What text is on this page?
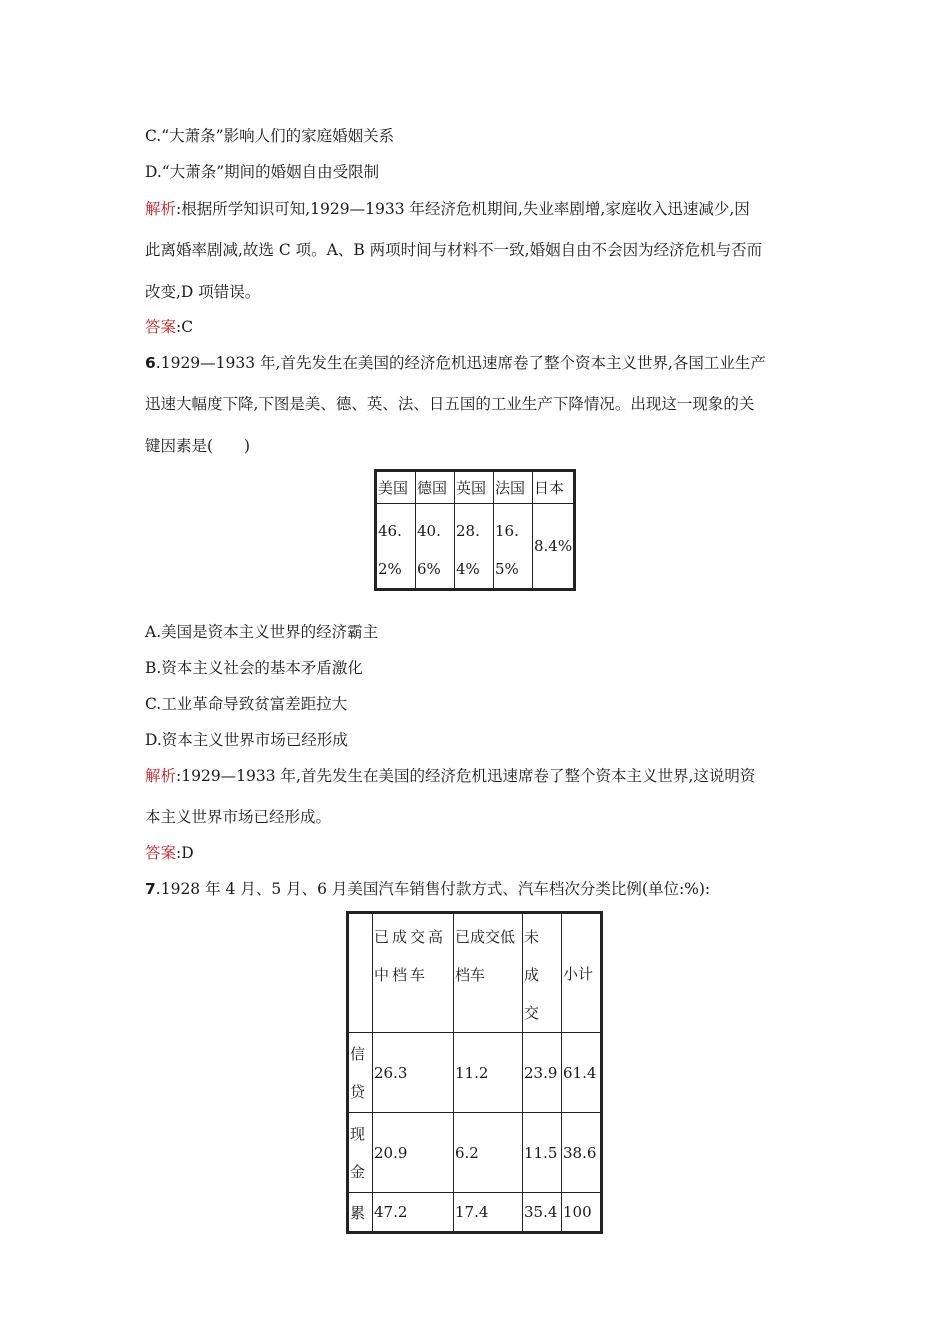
C.“大萧条”影响人们的家庭婚姻关系
D.“大萧条”期间的婚姻自由受限制
解析:根据所学知识可知,1929—1933 年经济危机期间,失业率剧增,家庭收入迅速减少,因
此离婚率剧减,故选 C 项。A、B 两项时间与材料不一致,婚姻自由不会因为经济危机与否而
改变,D 项错误。
答案:C
6.1929—1933 年,首先发生在美国的经济危机迅速席卷了整个资本主义世界,各国工业生产
迅速大幅度下降,下图是美、德、英、法、日五国的工业生产下降情况。出现这一现象的关
键因素是(　　)
美国	德国	英国	法国	日本

46.2%	40.6%	28.4%	16.5%	8.4%
A.美国是资本主义世界的经济霸主
B.资本主义社会的基本矛盾激化
C.工业革命导致贫富差距拉大
D.资本主义世界市场已经形成
解析:1929—1933 年,首先发生在美国的经济危机迅速席卷了整个资本主义世界,这说明资
本主义世界市场已经形成。
答案:D
7.1928 年 4 月、5 月、6 月美国汽车销售付款方式、汽车档次分类比例(单位:%):

	已成交高中档车	已成交低档车	未成交	小计

信贷	26.3	11.2	23.9	61.4

现金	20.9	6.2	11.5	38.6
累	47.2	17.4	35.4	100
